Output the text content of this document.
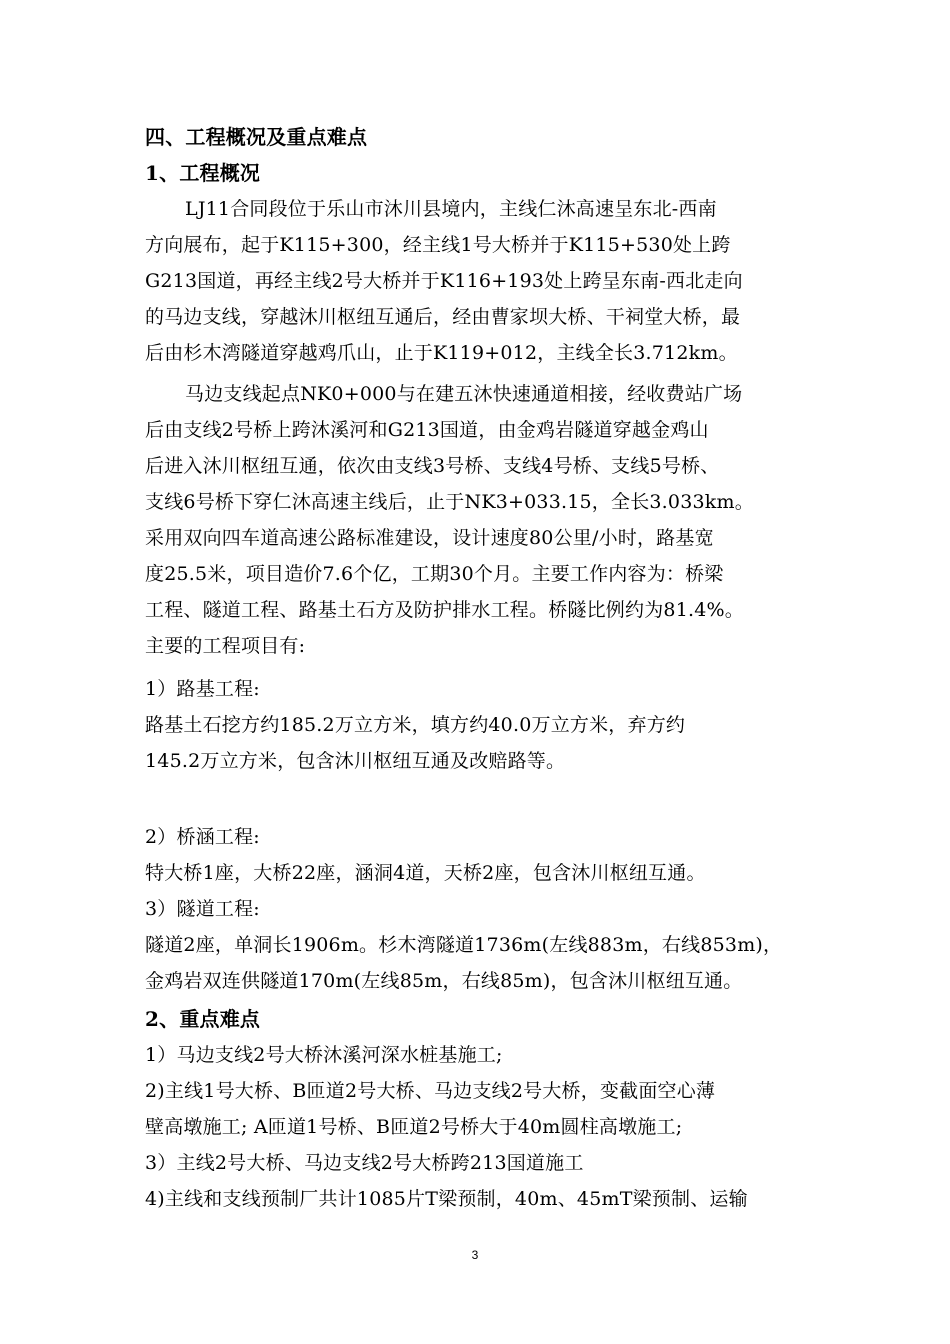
四、工程概况及重点难点
1、工程概况
LJ11合同段位于乐山市沐川县境内，主线仁沐高速呈东北-西南
方向展布，起于K115+300，经主线1号大桥并于K115+530处上跨
G213国道，再经主线2号大桥并于K116+193处上跨呈东南-西北走向
的马边支线，穿越沐川枢纽互通后，经由曹家坝大桥、干祠堂大桥，最
后由杉木湾隧道穿越鸡爪山，止于K119+012，主线全长3.712km。
马边支线起点NK0+000与在建五沐快速通道相接，经收费站广场
后由支线2号桥上跨沐溪河和G213国道，由金鸡岩隧道穿越金鸡山
后进入沐川枢纽互通，依次由支线3号桥、支线4号桥、支线5号桥、
支线6号桥下穿仁沐高速主线后，止于NK3+033.15，全长3.033km。
采用双向四车道高速公路标准建设，设计速度80公里/小时，路基宽
度25.5米，项目造价7.6个亿，工期30个月。主要工作内容为：桥梁
工程、隧道工程、路基土石方及防护排水工程。桥隧比例约为81.4%。
主要的工程项目有:
1）路基工程:
路基土石挖方约185.2万立方米，填方约40.0万立方米，弃方约
145.2万立方米，包含沐川枢纽互通及改赔路等。
2）桥涵工程:
特大桥1座，大桥22座，涵洞4道，天桥2座，包含沐川枢纽互通。
3）隧道工程:
隧道2座，单洞长1906m。杉木湾隧道1736m(左线883m，右线853m)，
金鸡岩双连供隧道170m(左线85m，右线85m)，包含沐川枢纽互通。
2、重点难点
1）马边支线2号大桥沐溪河深水桩基施工;
2)主线1号大桥、B匝道2号大桥、马边支线2号大桥，变截面空心薄
壁高墩施工; A匝道1号桥、B匝道2号桥大于40m圆柱高墩施工;
3）主线2号大桥、马边支线2号大桥跨213国道施工
4)主线和支线预制厂共计1085片T梁预制，40m、45mT梁预制、运输
3
